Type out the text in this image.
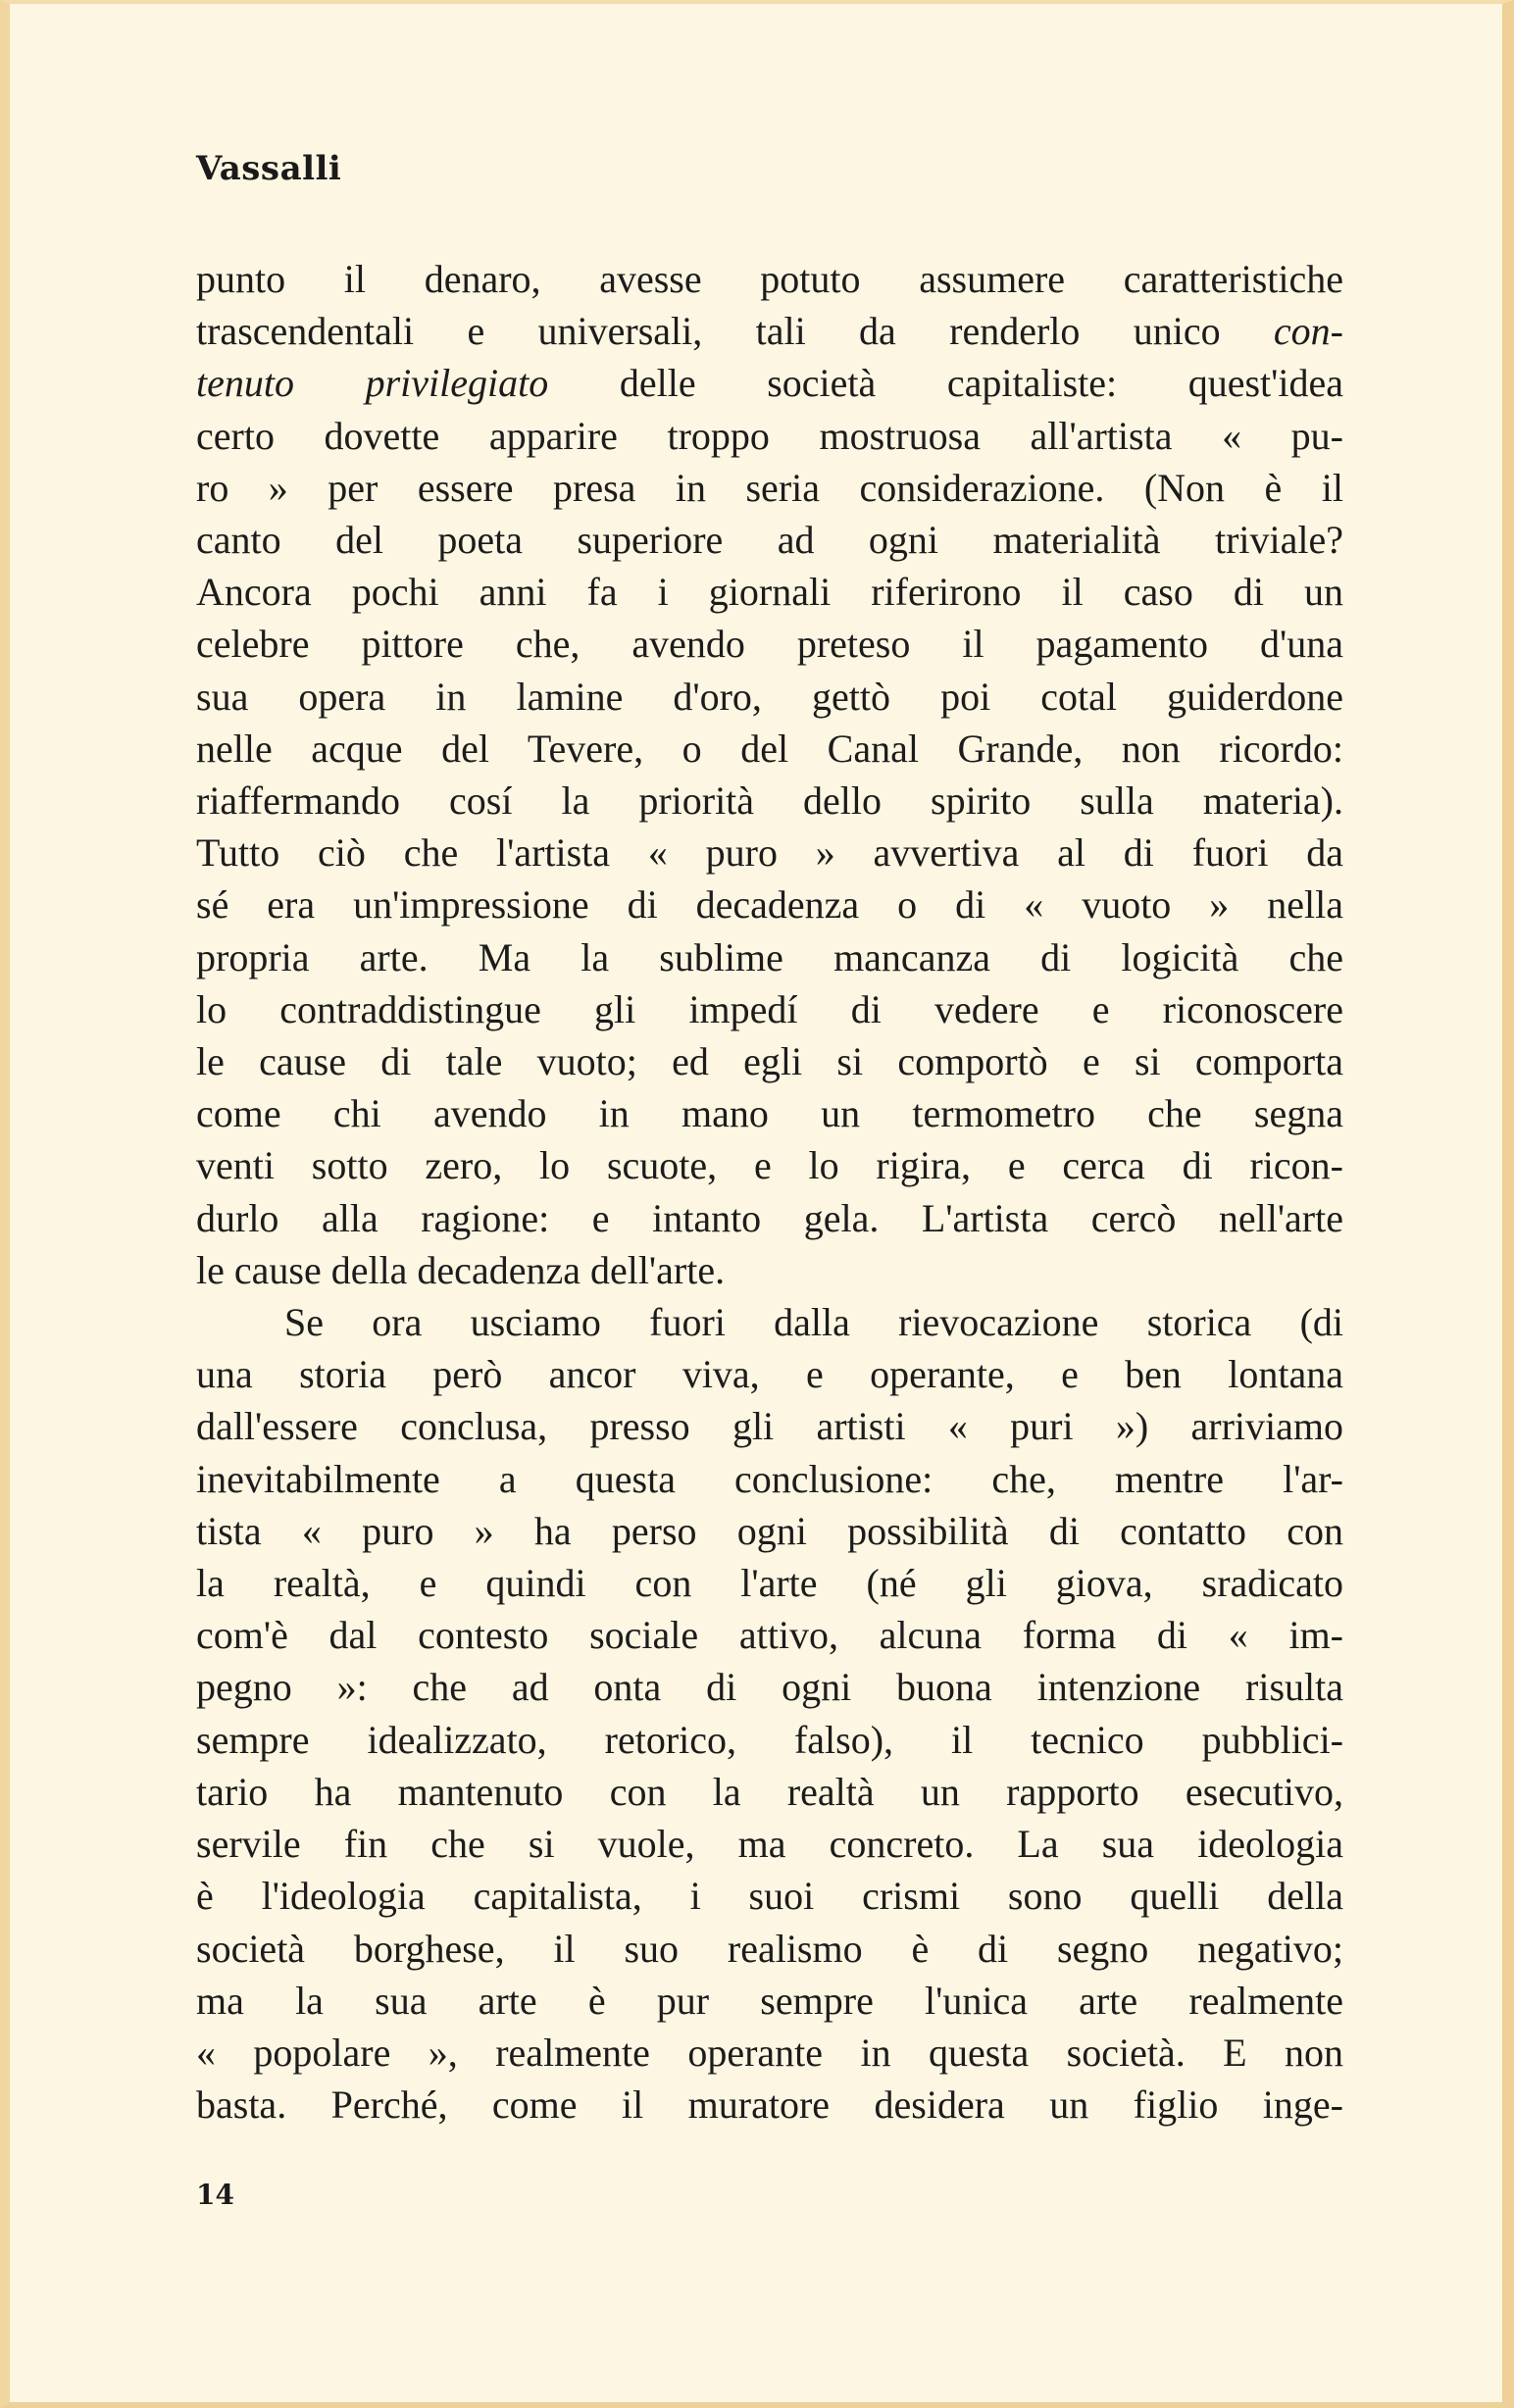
Vassalli
punto il denaro, avesse potuto assumere caratteristiche
trascendentali e universali, tali da renderlo unico con-
tenuto privilegiato delle società capitaliste: quest'idea
certo dovette apparire troppo mostruosa all'artista « pu-
ro » per essere presa in seria considerazione. (Non è il
canto del poeta superiore ad ogni materialità triviale?
Ancora pochi anni fa i giornali riferirono il caso di un
celebre pittore che, avendo preteso il pagamento d'una
sua opera in lamine d'oro, gettò poi cotal guiderdone
nelle acque del Tevere, o del Canal Grande, non ricordo:
riaffermando cosí la priorità dello spirito sulla materia).
Tutto ciò che l'artista « puro » avvertiva al di fuori da
sé era un'impressione di decadenza o di « vuoto » nella
propria arte. Ma la sublime mancanza di logicità che
lo contraddistingue gli impedí di vedere e riconoscere
le cause di tale vuoto; ed egli si comportò e si comporta
come chi avendo in mano un termometro che segna
venti sotto zero, lo scuote, e lo rigira, e cerca di ricon-
durlo alla ragione: e intanto gela. L'artista cercò nell'arte
le cause della decadenza dell'arte.
Se ora usciamo fuori dalla rievocazione storica (di
una storia però ancor viva, e operante, e ben lontana
dall'essere conclusa, presso gli artisti « puri ») arriviamo
inevitabilmente a questa conclusione: che, mentre l'ar-
tista « puro » ha perso ogni possibilità di contatto con
la realtà, e quindi con l'arte (né gli giova, sradicato
com'è dal contesto sociale attivo, alcuna forma di « im-
pegno »: che ad onta di ogni buona intenzione risulta
sempre idealizzato, retorico, falso), il tecnico pubblici-
tario ha mantenuto con la realtà un rapporto esecutivo,
servile fin che si vuole, ma concreto. La sua ideologia
è l'ideologia capitalista, i suoi crismi sono quelli della
società borghese, il suo realismo è di segno negativo;
ma la sua arte è pur sempre l'unica arte realmente
« popolare », realmente operante in questa società. E non
basta. Perché, come il muratore desidera un figlio inge-
14
